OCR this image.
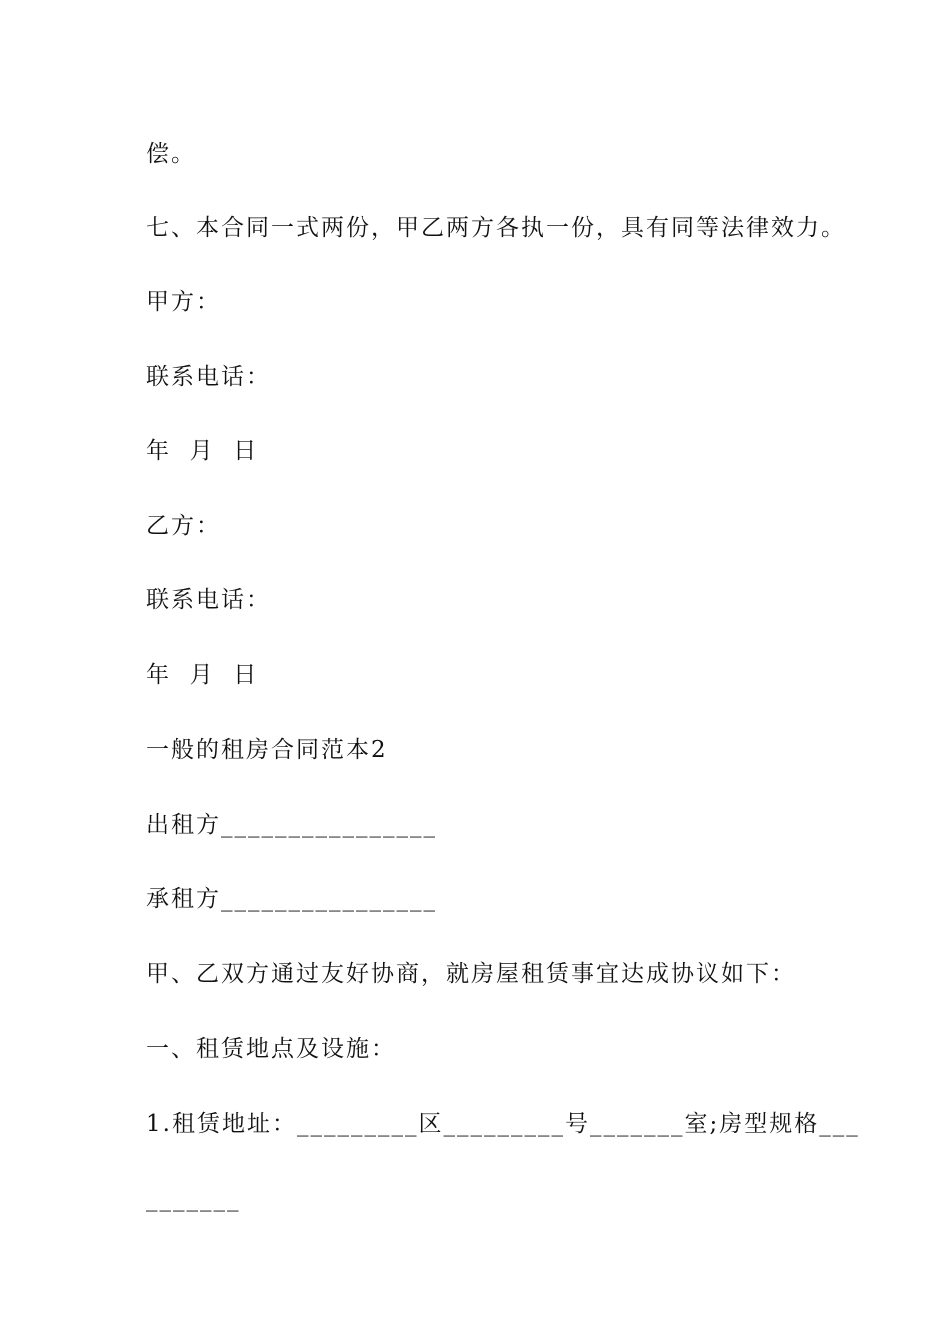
偿。

七、本合同一式两份，甲乙两方各执一份，具有同等法律效力。

甲方：

联系电话：

年  月  日

乙方：

联系电话：

年  月  日

一般的租房合同范本2

出租方________________

承租方________________

甲、乙双方通过友好协商，就房屋租赁事宜达成协议如下：

一、租赁地点及设施：

1.租赁地址：_________区_________号_______室;房型规格___

_______
